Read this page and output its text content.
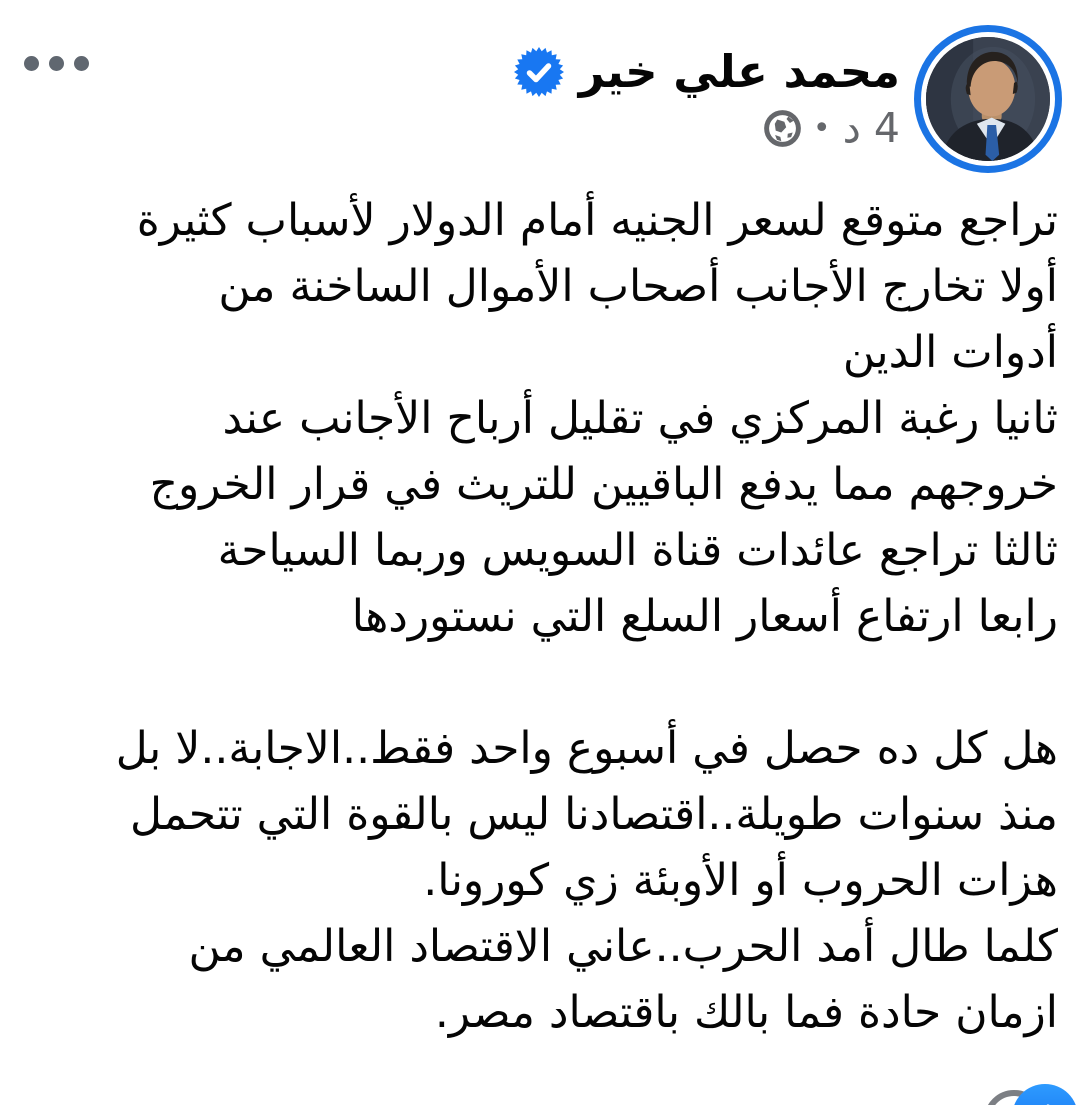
محمد علي خير
4 د
•
تراجع متوقع لسعر الجنيه أمام الدولار لأسباب كثيرة
أولا تخارج الأجانب أصحاب الأموال الساخنة من
أدوات الدين
ثانيا رغبة المركزي في تقليل أرباح الأجانب عند
خروجهم مما يدفع الباقيين للتريث في قرار الخروج
ثالثا تراجع عائدات قناة السويس وربما السياحة
رابعا ارتفاع أسعار السلع التي نستوردها

هل كل ده حصل في أسبوع واحد فقط..الاجابة..لا بل
منذ سنوات طويلة..اقتصادنا ليس بالقوة التي تتحمل
هزات الحروب أو الأوبئة زي كورونا.
كلما طال أمد الحرب..عاني الاقتصاد العالمي من
ازمان حادة فما بالك باقتصاد مصر.
